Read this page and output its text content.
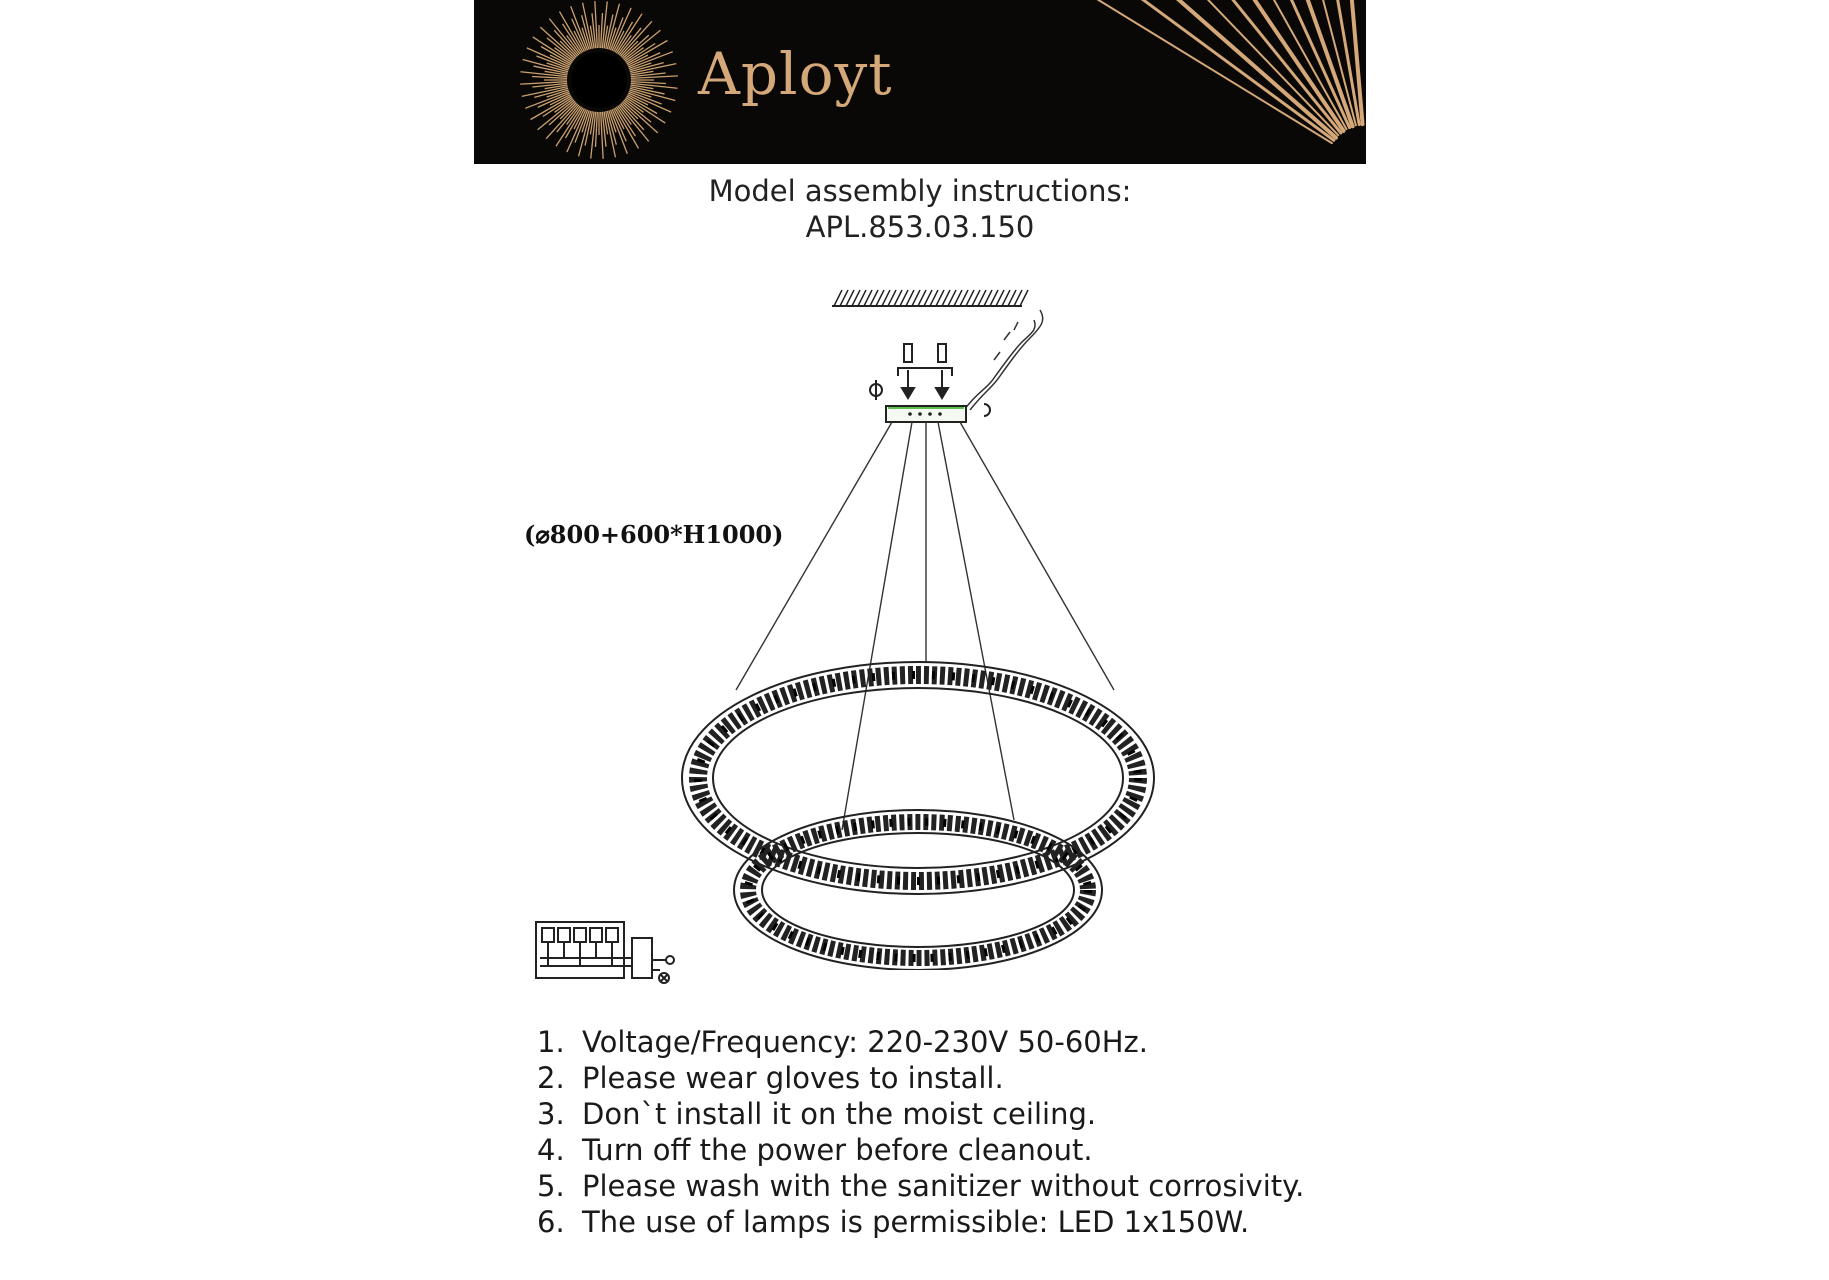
Aployt
Model assembly instructions:
APL.853.03.150
(⌀800+600*H1000)
1. Voltage/Frequency: 220-230V 50-60Hz.
2. Please wear gloves to install.
3. Don`t install it on the moist ceiling.
4. Turn off the power before cleanout.
5. Please wash with the sanitizer without corrosivity.
6. The use of lamps is permissible: LED 1x150W.
